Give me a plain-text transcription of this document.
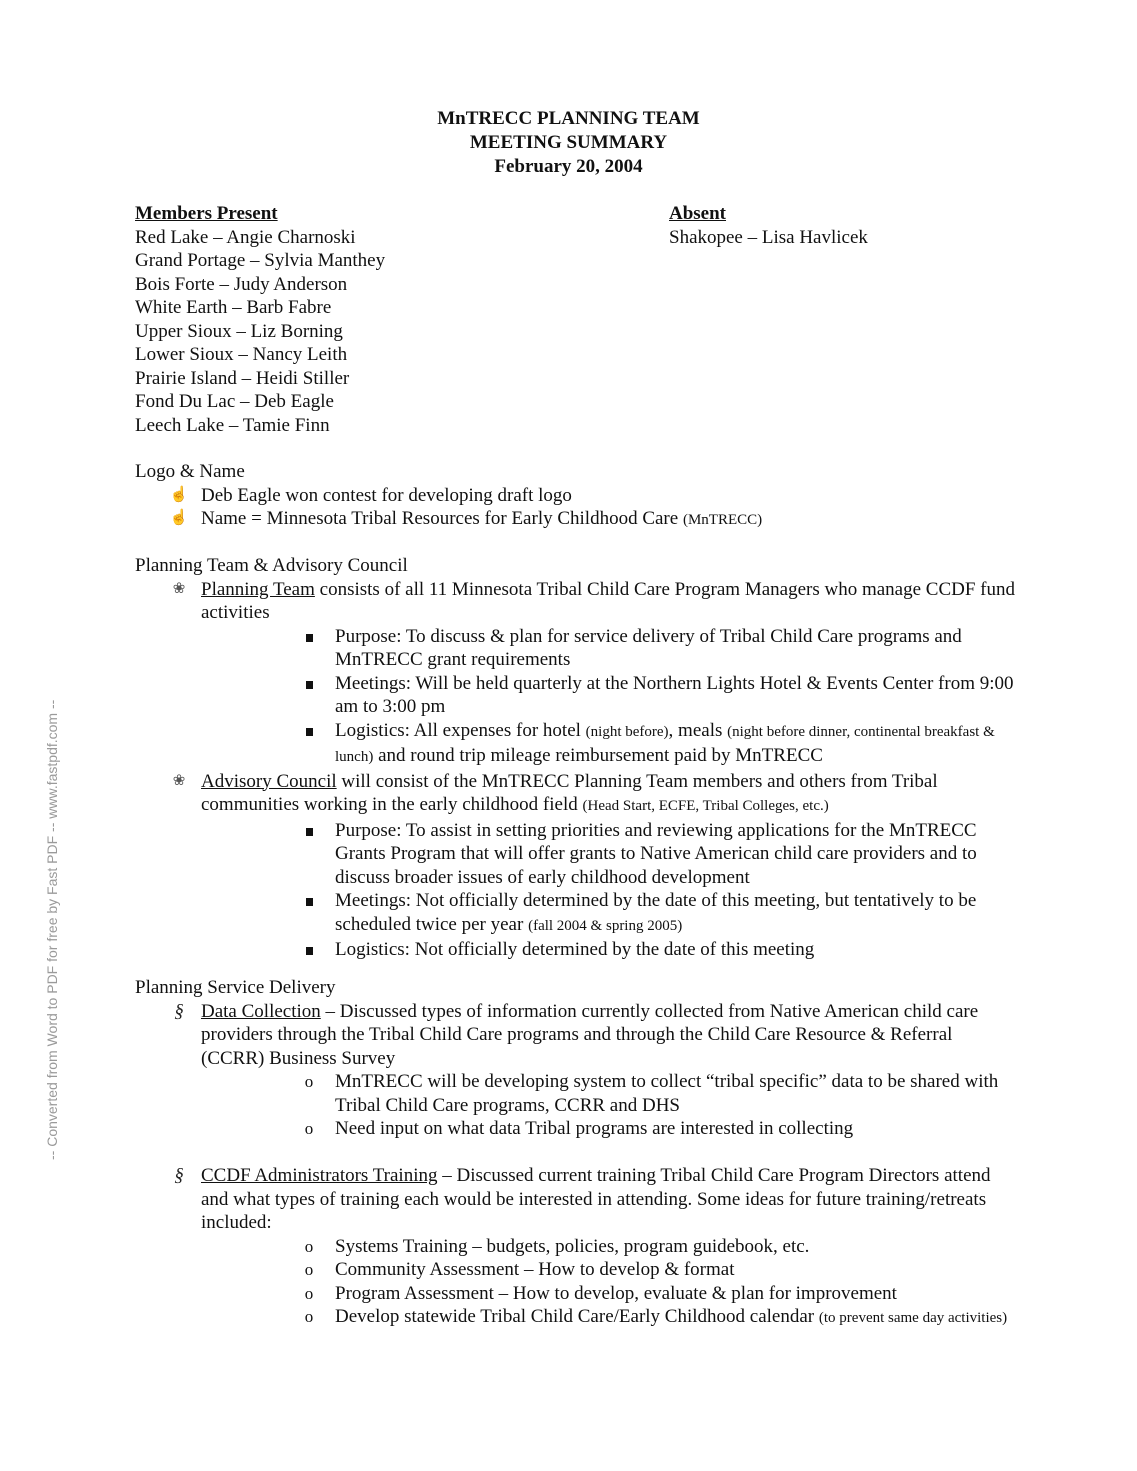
MnTRECC PLANNING TEAM
MEETING SUMMARY
February 20, 2004
Members Present
Red Lake – Angie Charnoski
Grand Portage – Sylvia Manthey
Bois Forte – Judy Anderson
White Earth – Barb Fabre
Upper Sioux – Liz Borning
Lower Sioux – Nancy Leith
Prairie Island – Heidi Stiller
Fond Du Lac – Deb Eagle
Leech Lake – Tamie Finn
Absent
Shakopee – Lisa Havlicek
Logo & Name
☝ Deb Eagle won contest for developing draft logo
☝ Name = Minnesota Tribal Resources for Early Childhood Care (MnTRECC)
Planning Team & Advisory Council
❀ Planning Team consists of all 11 Minnesota Tribal Child Care Program Managers who manage CCDF fund activities
Purpose: To discuss & plan for service delivery of Tribal Child Care programs and MnTRECC grant requirements
Meetings: Will be held quarterly at the Northern Lights Hotel & Events Center from 9:00 am to 3:00 pm
Logistics: All expenses for hotel (night before), meals (night before dinner, continental breakfast & lunch) and round trip mileage reimbursement paid by MnTRECC
❀ Advisory Council will consist of the MnTRECC Planning Team members and others from Tribal communities working in the early childhood field (Head Start, ECFE, Tribal Colleges, etc.)
Purpose: To assist in setting priorities and reviewing applications for the MnTRECC Grants Program that will offer grants to Native American child care providers and to discuss broader issues of early childhood development
Meetings: Not officially determined by the date of this meeting, but tentatively to be scheduled twice per year (fall 2004 & spring 2005)
Logistics: Not officially determined by the date of this meeting
Planning Service Delivery
§ Data Collection – Discussed types of information currently collected from Native American child care providers through the Tribal Child Care programs and through the Child Care Resource & Referral (CCRR) Business Survey
o MnTRECC will be developing system to collect “tribal specific” data to be shared with Tribal Child Care programs, CCRR and DHS
o Need input on what data Tribal programs are interested in collecting
§ CCDF Administrators Training – Discussed current training Tribal Child Care Program Directors attend and what types of training each would be interested in attending. Some ideas for future training/retreats included:
o Systems Training – budgets, policies, program guidebook, etc.
o Community Assessment – How to develop & format
o Program Assessment – How to develop, evaluate & plan for improvement
o Develop statewide Tribal Child Care/Early Childhood calendar (to prevent same day activities)
-- Converted from Word to PDF for free by Fast PDF -- www.fastpdf.com --
